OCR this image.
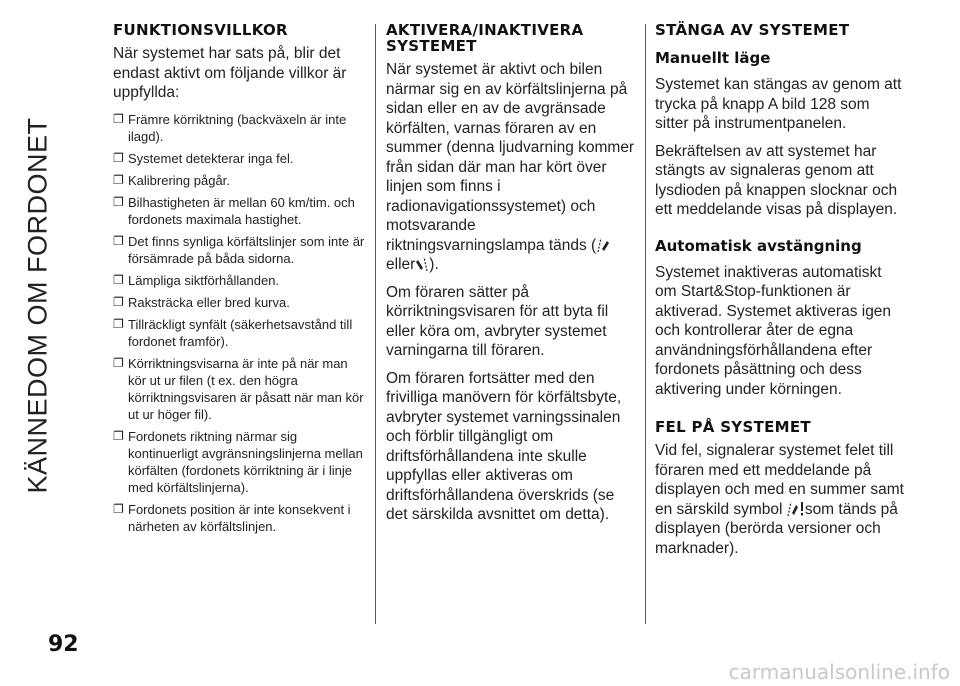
KÄNNEDOM OM FORDONET
92
FUNKTIONSVILLKOR

När systemet har sats på, blir det endast aktivt om följande villkor är uppfyllda:

❐ Främre körriktning (backväxeln är inte ilagd).
❐ Systemet detekterar inga fel.
❐ Kalibrering pågår.
❐ Bilhastigheten är mellan 60 km/tim. och fordonets maximala hastighet.
❐ Det finns synliga körfältslinjer som inte är försämrade på båda sidorna.
❐ Lämpliga siktförhållanden.
❐ Raksträcka eller bred kurva.
❐ Tillräckligt synfält (säkerhetsavstånd till fordonet framför).
❐ Körriktningsvisarna är inte på när man kör ut ur filen (t ex. den högra körriktningsvisaren är påsatt när man kör ut ur höger fil).
❐ Fordonets riktning närmar sig kontinuerligt avgränsningslinjerna mellan körfälten (fordonets körriktning är i linje med körfältslinjerna).
❐ Fordonets position är inte konsekvent i närheten av körfältslinjen.
AKTIVERA/INAKTIVERA SYSTEMET

När systemet är aktivt och bilen närmar sig en av körfältslinjerna på sidan eller en av de avgränsade körfälten, varnas föraren av en summer (denna ljudvarning kommer från sidan där man har kört över linjen som finns i radionavigationssystemet) och motsvarande riktningsvarningslampa tänds (eller ).

Om föraren sätter på körriktningsvisaren för att byta fil eller köra om, avbryter systemet varningarna till föraren.

Om föraren fortsätter med den frivilliga manövern för körfältsbyte, avbryter systemet varningssinalen och förblir tillgängligt om driftsförhållandena inte skulle uppfyllas eller aktiveras om driftsförhållandena överskrids (se det särskilda avsnittet om detta).

STÄNGA AV SYSTEMET
Manuellt läge

Systemet kan stängas av genom att trycka på knapp A bild 128 som sitter på instrumentpanelen.

Bekräftelsen av att systemet har stängts av signaleras genom att lysdioden på knappen slocknar och ett meddelande visas på displayen.

Automatisk avstängning

Systemet inaktiveras automatiskt om Start&Stop-funktionen är aktiverad. Systemet aktiveras igen och kontrollerar åter de egna användningsförhållandena efter fordonets påsättning och dess aktivering under körningen.

FEL PÅ SYSTEMET

Vid fel, signalerar systemet felet till föraren med ett meddelande på displayen och med en summer samt en särskild symbol som tänds på displayen (berörda versioner och marknader).

carmanualsonline.info
